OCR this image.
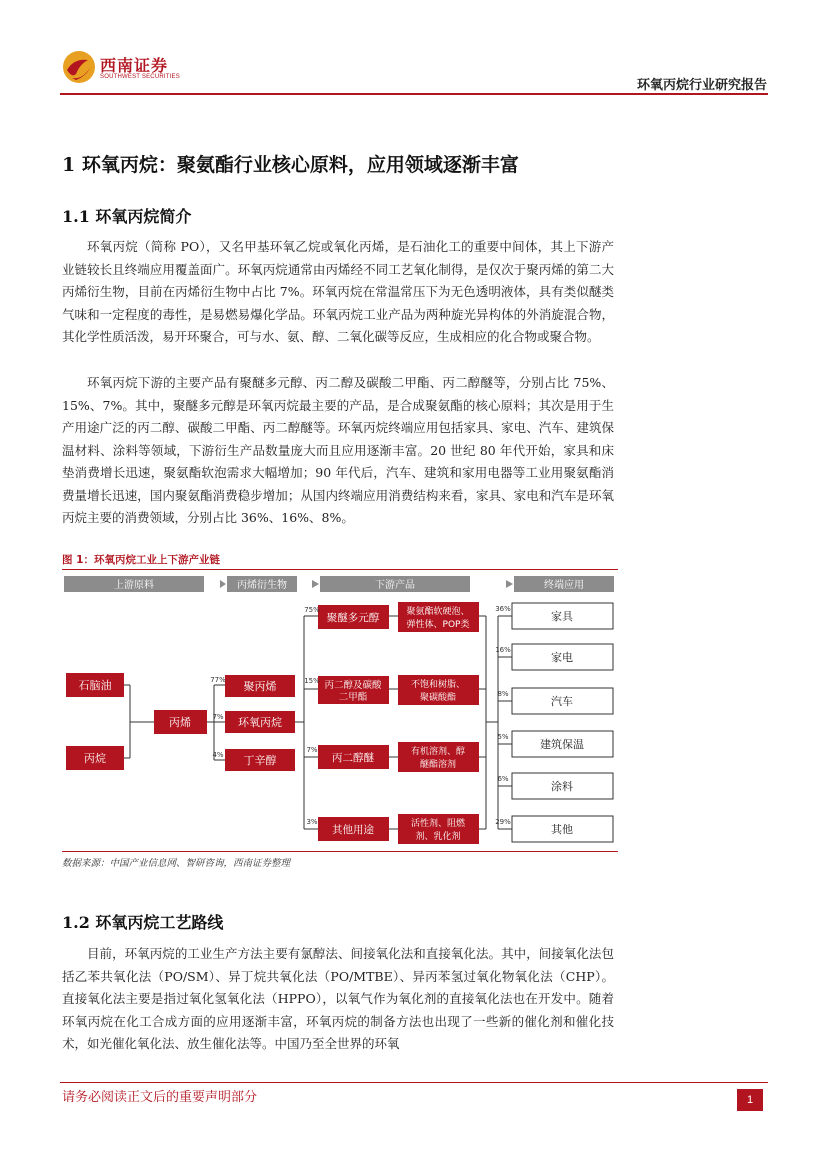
西南证券
SOUTHWEST SECURITIES
环氧丙烷行业研究报告
1 环氧丙烷：聚氨酯行业核心原料，应用领域逐渐丰富
1.1 环氧丙烷简介
环氧丙烷（简称 PO），又名甲基环氧乙烷或氧化丙烯，是石油化工的重要中间体，其上下游产业链较长且终端应用覆盖面广。环氧丙烷通常由丙烯经不同工艺氧化制得，是仅次于聚丙烯的第二大丙烯衍生物，目前在丙烯衍生物中占比 7%。环氧丙烷在常温常压下为无色透明液体，具有类似醚类气味和一定程度的毒性，是易燃易爆化学品。环氧丙烷工业产品为两种旋光异构体的外消旋混合物，其化学性质活泼，易开环聚合，可与水、氨、醇、二氧化碳等反应，生成相应的化合物或聚合物。
环氧丙烷下游的主要产品有聚醚多元醇、丙二醇及碳酸二甲酯、丙二醇醚等，分别占比 75%、15%、7%。其中，聚醚多元醇是环氧丙烷最主要的产品，是合成聚氨酯的核心原料；其次是用于生产用途广泛的丙二醇、碳酸二甲酯、丙二醇醚等。环氧丙烷终端应用包括家具、家电、汽车、建筑保温材料、涂料等领域，下游衍生产品数量庞大而且应用逐渐丰富。20 世纪 80 年代开始，家具和床垫消费增长迅速，聚氨酯软泡需求大幅增加；90 年代后，汽车、建筑和家用电器等工业用聚氨酯消费量增长迅速，国内聚氨酯消费稳步增加；从国内终端应用消费结构来看，家具、家电和汽车是环氧丙烷主要的消费领域，分别占比 36%、16%、8%。
图 1：环氧丙烷工业上下游产业链
上游原料	丙烯衍生物	下游产品	终端应用
石脑油
丙烷
丙烯
聚丙烯
77%
环氧丙烷
7%
丁辛醇
4%
聚醚多元醇
75%
丙二醇及碳酸
二甲酯
15%
丙二醇醚
7%
其他用途
3%
聚氨酯软硬泡、
弹性体、POP类
不饱和树脂、
聚碳酸酯
有机溶剂、醇
醚酯溶剂
活性剂、阻燃
剂、乳化剂
家具
家电
汽车
建筑保温
涂料
其他
36%
16%
8%
5%
6%
29%
数据来源：中国产业信息网、智研咨询，西南证券整理
1.2 环氧丙烷工艺路线
目前，环氧丙烷的工业生产方法主要有氯醇法、间接氧化法和直接氧化法。其中，间接氧化法包括乙苯共氧化法（PO/SM）、异丁烷共氧化法（PO/MTBE）、异丙苯氢过氧化物氧化法（CHP）。直接氧化法主要是指过氧化氢氧化法（HPPO），以氧气作为氧化剂的直接氧化法也在开发中。随着环氧丙烷在化工合成方面的应用逐渐丰富，环氧丙烷的制备方法也出现了一些新的催化剂和催化技术，如光催化氧化法、放生催化法等。中国乃至全世界的环氧
请务必阅读正文后的重要声明部分	1
